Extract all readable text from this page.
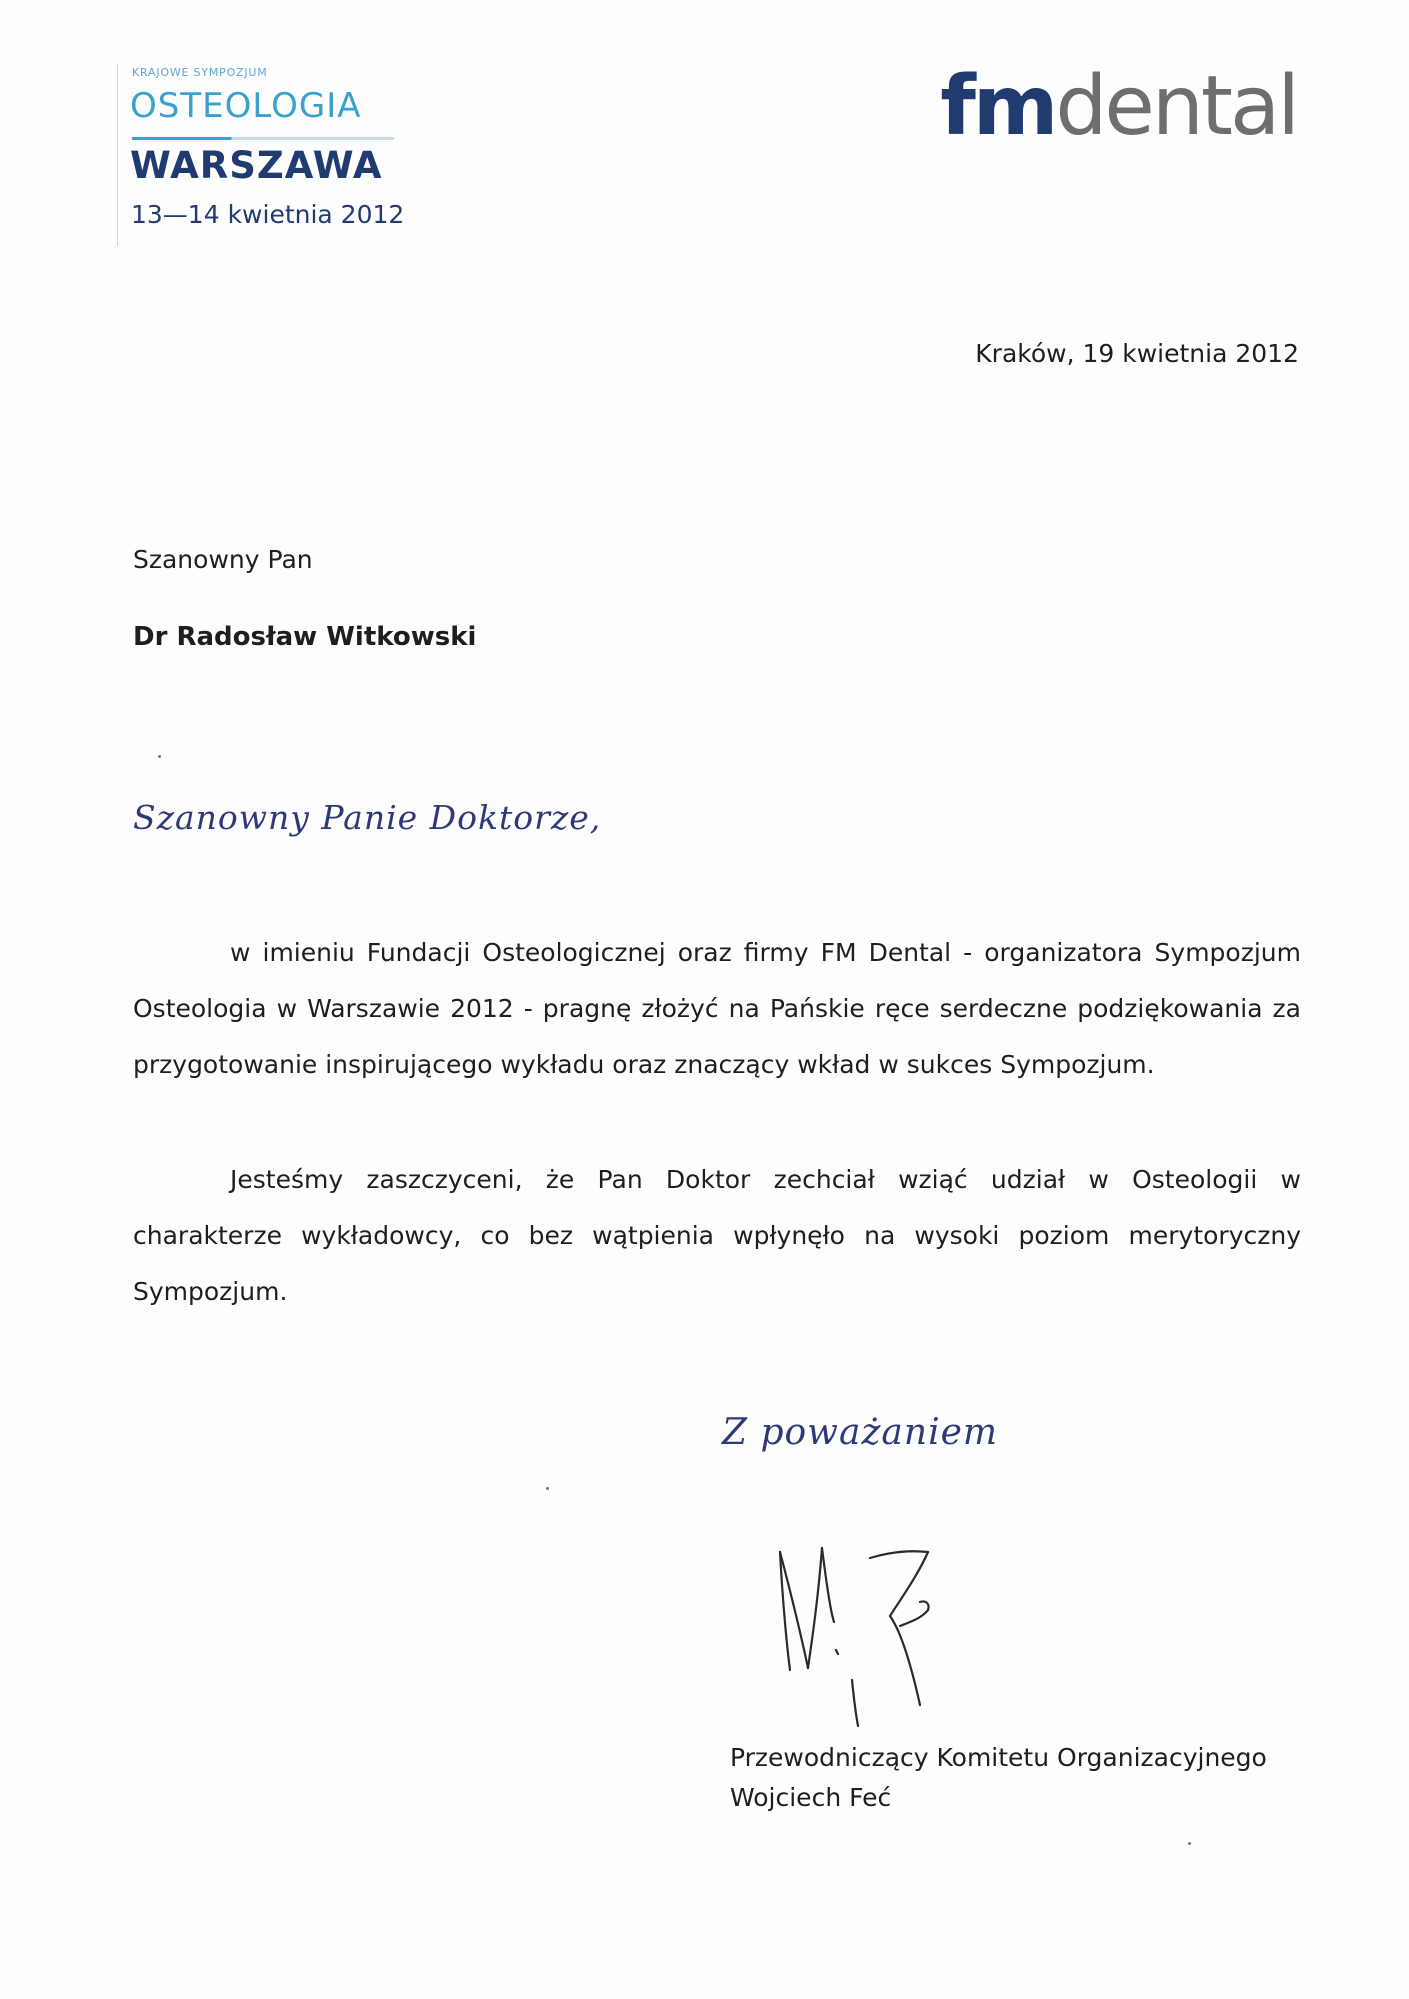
KRAJOWE SYMPOZJUM
OSTEOLOGIA
WARSZAWA
13—14 kwietnia 2012
fmdental
Kraków, 19 kwietnia 2012
Szanowny Pan
Dr Radosław Witkowski
Szanowny Panie Doktorze,

w imieniu Fundacji Osteologicznej oraz firmy FM Dental - organizatora Sympozjum Osteologia w Warszawie 2012 - pragnę złożyć na Pańskie ręce serdeczne podziękowania za przygotowanie inspirującego wykładu oraz znaczący wkład w sukces Sympozjum.

Jesteśmy zaszczyceni, że Pan Doktor zechciał wziąć udział w Osteologii w charakterze wykładowcy, co bez wątpienia wpłynęło na wysoki poziom merytoryczny Sympozjum.

Z poważaniem
Przewodniczący Komitetu Organizacyjnego
Wojciech Feć
